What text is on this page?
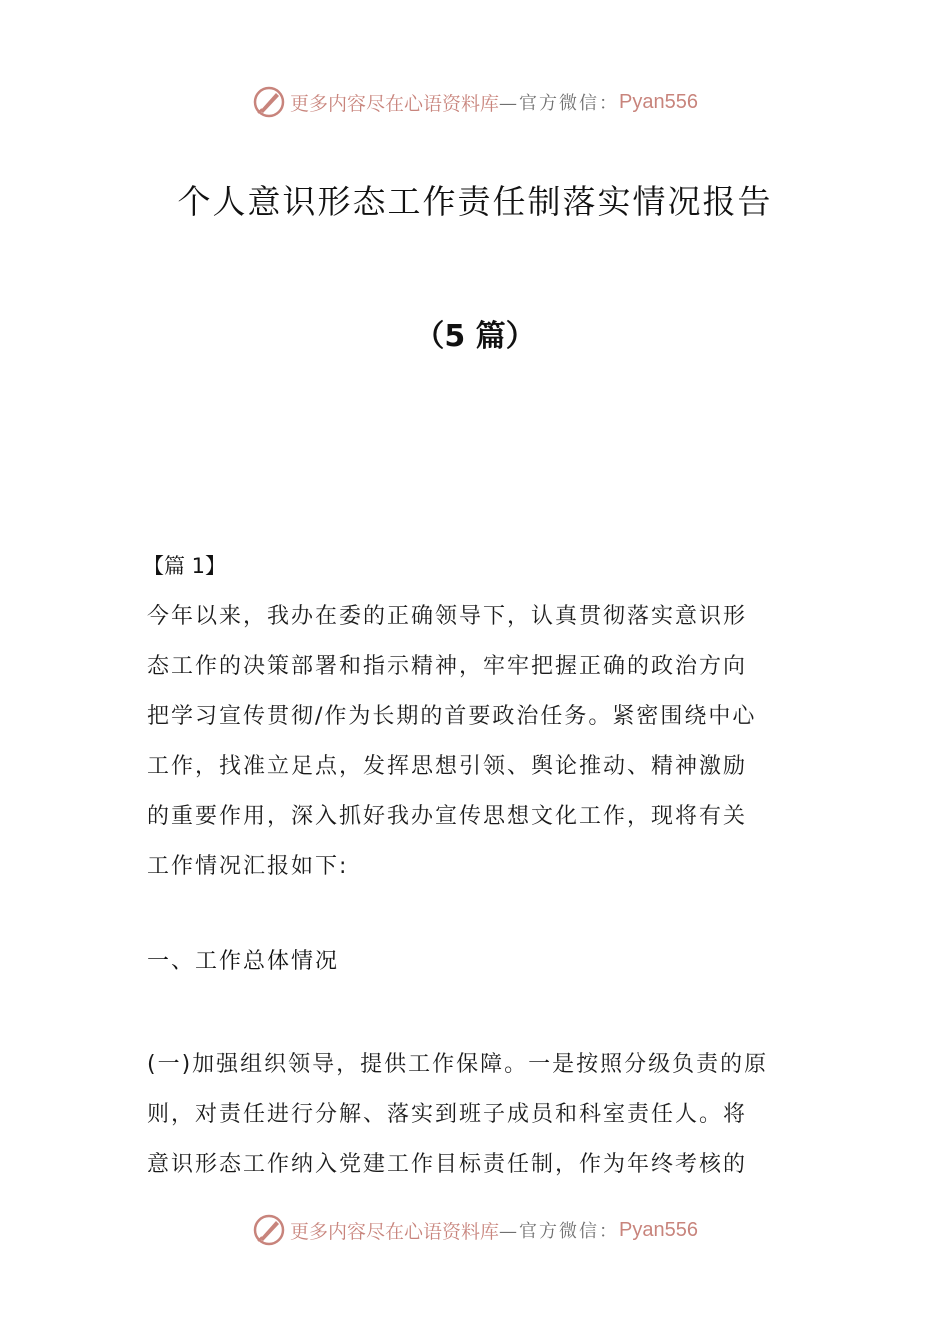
更多内容尽在心语资料库 —官方微信： Pyan556
个人意识形态工作责任制落实情况报告
（5 篇）
【篇 1】
今年以来，我办在委的正确领导下，认真贯彻落实意识形
态工作的决策部署和指示精神，牢牢把握正确的政治方向
把学习宣传贯彻/作为长期的首要政治任务。紧密围绕中心
工作，找准立足点，发挥思想引领、舆论推动、精神激励
的重要作用，深入抓好我办宣传思想文化工作，现将有关
工作情况汇报如下:
一、工作总体情况
(一)加强组织领导，提供工作保障。一是按照分级负责的原
则，对责任进行分解、落实到班子成员和科室责任人。将
意识形态工作纳入党建工作目标责任制，作为年终考核的
更多内容尽在心语资料库 —官方微信： Pyan556
